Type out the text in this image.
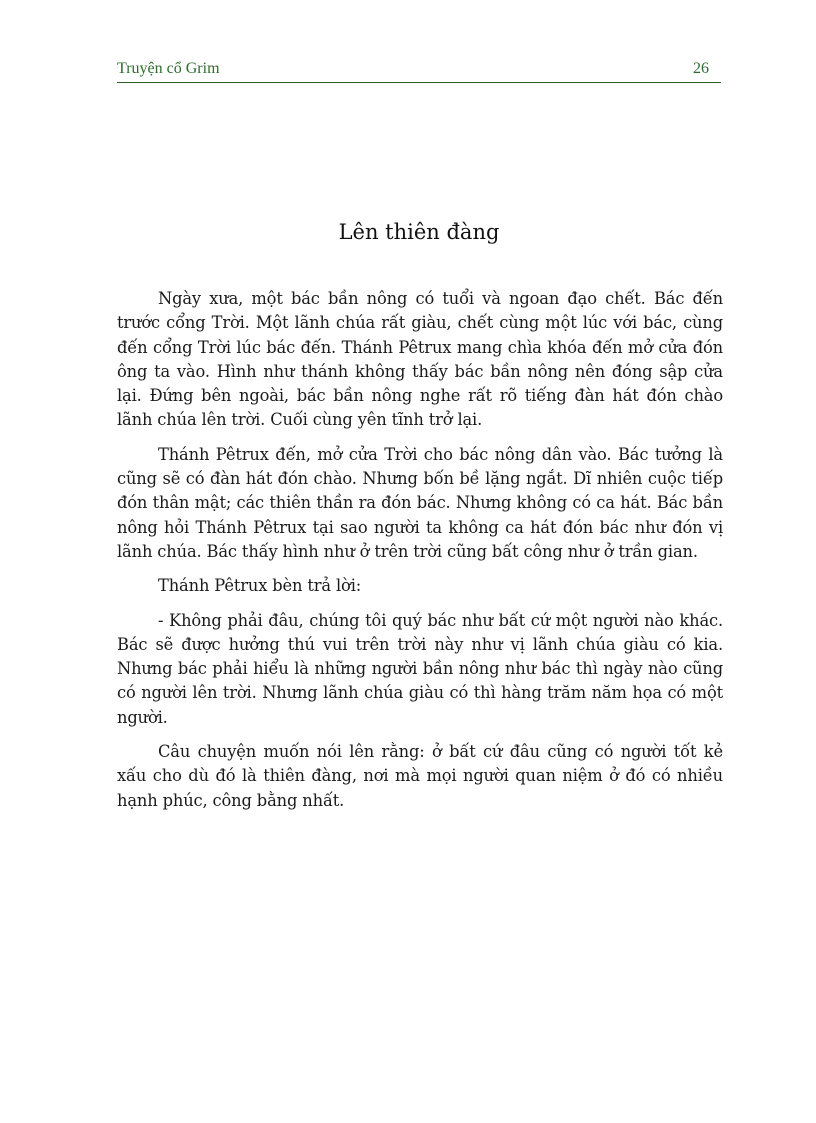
Truyện cổ Grim	26
Lên thiên đàng

Ngày xưa, một bác bần nông có tuổi và ngoan đạo chết. Bác đến trước cổng Trời. Một lãnh chúa rất giàu, chết cùng một lúc với bác, cùng đến cổng Trời lúc bác đến. Thánh Pêtrux mang chìa khóa đến mở cửa đón ông ta vào. Hình như thánh không thấy bác bần nông nên đóng sập cửa lại. Đứng bên ngoài, bác bần nông nghe rất rõ tiếng đàn hát đón chào lãnh chúa lên trời. Cuối cùng yên tĩnh trở lại.

Thánh Pêtrux đến, mở cửa Trời cho bác nông dân vào. Bác tưởng là cũng sẽ có đàn hát đón chào. Nhưng bốn bề lặng ngắt. Dĩ nhiên cuộc tiếp đón thân mật; các thiên thần ra đón bác. Nhưng không có ca hát. Bác bần nông hỏi Thánh Pêtrux tại sao người ta không ca hát đón bác như đón vị lãnh chúa. Bác thấy hình như ở trên trời cũng bất công như ở trần gian.

Thánh Pêtrux bèn trả lời:

- Không phải đâu, chúng tôi quý bác như bất cứ một người nào khác. Bác sẽ được hưởng thú vui trên trời này như vị lãnh chúa giàu có kia. Nhưng bác phải hiểu là những người bần nông như bác thì ngày nào cũng có người lên trời. Nhưng lãnh chúa giàu có thì hàng trăm năm họa có một người.

Câu chuyện muốn nói lên rằng: ở bất cứ đâu cũng có người tốt kẻ xấu cho dù đó là thiên đàng, nơi mà mọi người quan niệm ở đó có nhiều hạnh phúc, công bằng nhất.
